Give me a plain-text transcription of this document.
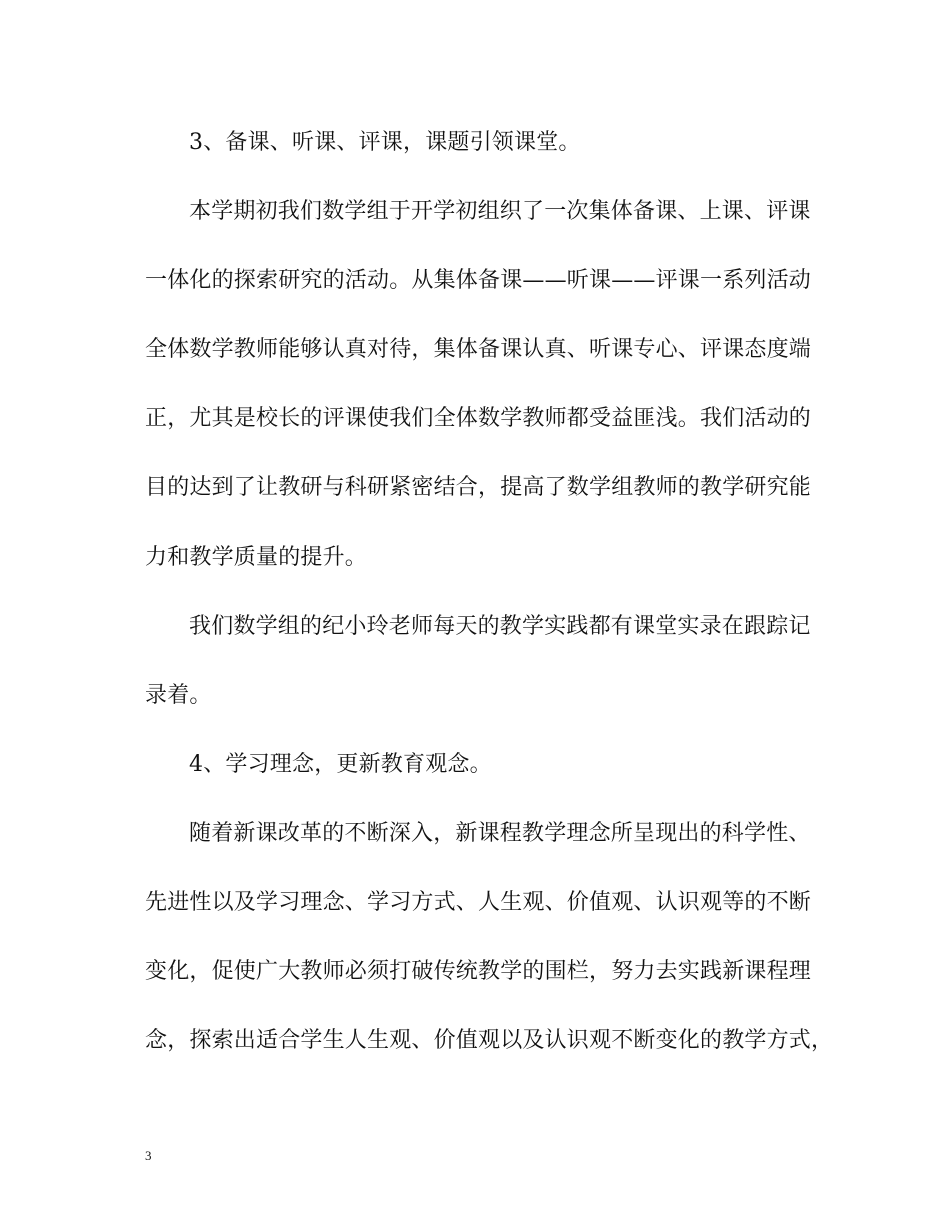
3、备课、听课、评课，课题引领课堂。
本学期初我们数学组于开学初组织了一次集体备课、上课、评课
一体化的探索研究的活动。从集体备课——听课——评课一系列活动
全体数学教师能够认真对待，集体备课认真、听课专心、评课态度端
正，尤其是校长的评课使我们全体数学教师都受益匪浅。我们活动的
目的达到了让教研与科研紧密结合，提高了数学组教师的教学研究能
力和教学质量的提升。
我们数学组的纪小玲老师每天的教学实践都有课堂实录在跟踪记
录着。
4、学习理念，更新教育观念。
随着新课改革的不断深入，新课程教学理念所呈现出的科学性、
先进性以及学习理念、学习方式、人生观、价值观、认识观等的不断
变化，促使广大教师必须打破传统教学的围栏，努力去实践新课程理
念，探索出适合学生人生观、价值观以及认识观不断变化的教学方式，
3
